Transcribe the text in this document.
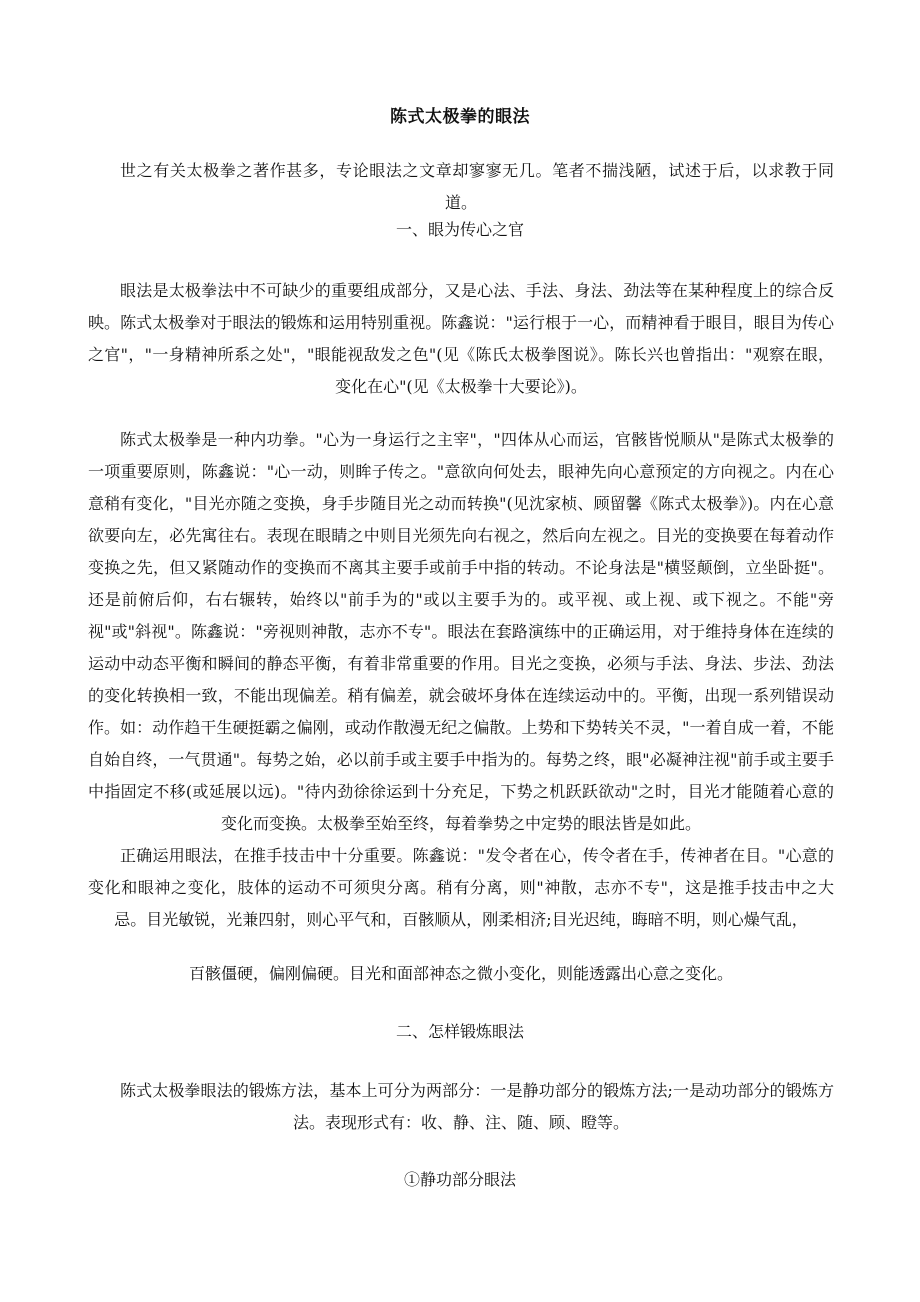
陈式太极拳的眼法

世之有关太极拳之著作甚多，专论眼法之文章却寥寥无几。笔者不揣浅陋，试述于后，以求教于同道。

一、眼为传心之官

眼法是太极拳法中不可缺少的重要组成部分，又是心法、手法、身法、劲法等在某种程度上的综合反映。陈式太极拳对于眼法的锻炼和运用特别重视。陈鑫说："运行根于一心，而精神看于眼目，眼目为传心之官"，"一身精神所系之处"，"眼能视敌发之色"(见《陈氏太极拳图说》。陈长兴也曾指出："观察在眼，变化在心"(见《太极拳十大要论》)。

陈式太极拳是一种内功拳。"心为一身运行之主宰"，"四体从心而运，官骸皆悦顺从"是陈式太极拳的一项重要原则，陈鑫说："心一动，则眸子传之。"意欲向何处去，眼神先向心意预定的方向视之。内在心意稍有变化，"目光亦随之变换，身手步随目光之动而转换"(见沈家桢、顾留馨《陈式太极拳》)。内在心意欲要向左，必先寓往右。表现在眼睛之中则目光须先向右视之，然后向左视之。目光的变换要在每着动作变换之先，但又紧随动作的变换而不离其主要手或前手中指的转动。不论身法是"横竖颠倒，立坐卧挺"。还是前俯后仰，右右辗转，始终以"前手为的"或以主要手为的。或平视、或上视、或下视之。不能"旁视"或"斜视"。陈鑫说："旁视则神散，志亦不专"。眼法在套路演练中的正确运用，对于维持身体在连续的运动中动态平衡和瞬间的静态平衡，有着非常重要的作用。目光之变换，必须与手法、身法、步法、劲法的变化转换相一致，不能出现偏差。稍有偏差，就会破坏身体在连续运动中的。平衡，出现一系列错误动作。如：动作趋干生硬挺霸之偏刚，或动作散漫无纪之偏散。上势和下势转关不灵，"一着自成一着，不能自始自终，一气贯通"。每势之始，必以前手或主要手中指为的。每势之终，眼"必凝神注视"前手或主要手中指固定不移(或延展以远)。"待内劲徐徐运到十分充足，下势之机跃跃欲动"之时，目光才能随着心意的变化而变换。太极拳至始至终，每着拳势之中定势的眼法皆是如此。

正确运用眼法，在推手技击中十分重要。陈鑫说："发令者在心，传令者在手，传神者在目。"心意的变化和眼神之变化，肢体的运动不可须臾分离。稍有分离，则"神散，志亦不专"，这是推手技击中之大忌。目光敏锐，光兼四射，则心平气和，百骸顺从，刚柔相济;目光迟纯，晦暗不明，则心燥气乱，

百骸僵硬，偏刚偏硬。目光和面部神态之微小变化，则能透露出心意之变化。

二、怎样锻炼眼法

陈式太极拳眼法的锻炼方法，基本上可分为两部分：一是静功部分的锻炼方法;一是动功部分的锻炼方法。表现形式有：收、静、注、随、顾、瞪等。

①静功部分眼法
